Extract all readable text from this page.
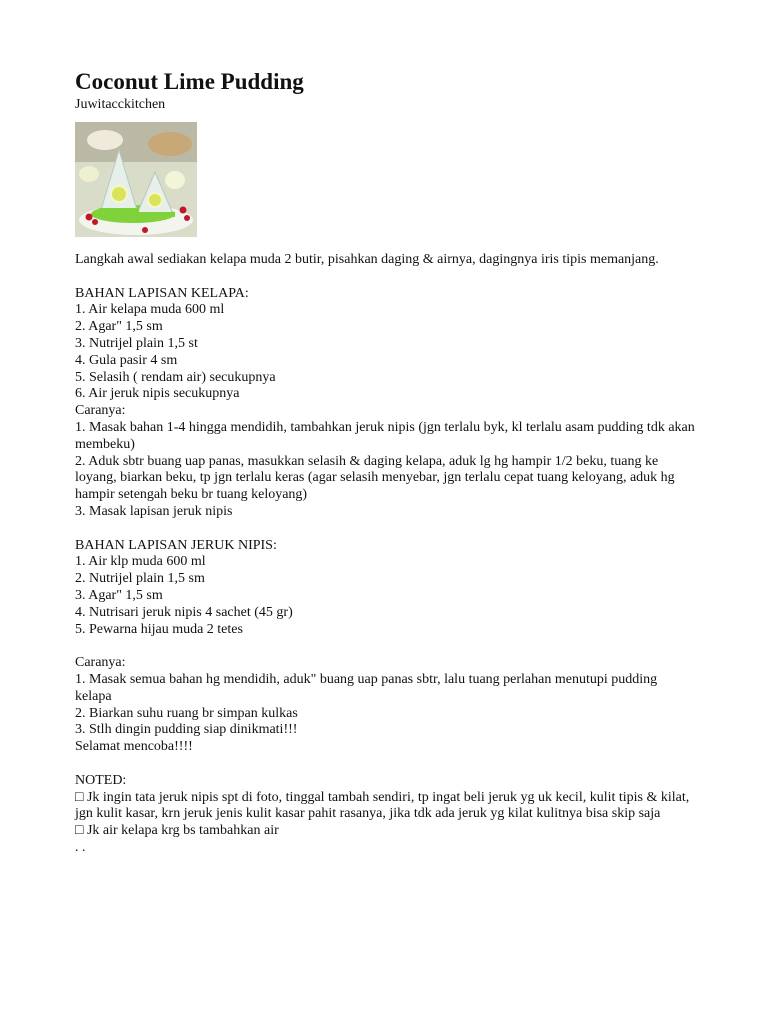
Coconut Lime Pudding

Juwitacckitchen

Langkah awal sediakan kelapa muda 2 butir, pisahkan daging & airnya, dagingnya iris tipis memanjang.

BAHAN LAPISAN KELAPA:

1. Air kelapa muda 600 ml

2. Agar" 1,5 sm

3. Nutrijel plain 1,5 st

4. Gula pasir 4 sm

5. Selasih ( rendam air) secukupnya

6. Air jeruk nipis secukupnya

Caranya:

1. Masak bahan 1-4 hingga mendidih, tambahkan jeruk nipis (jgn terlalu byk, kl terlalu asam pudding tdk akan membeku)

2. Aduk sbtr buang uap panas, masukkan selasih & daging kelapa, aduk lg hg hampir 1/2 beku, tuang ke loyang, biarkan beku, tp jgn terlalu keras (agar selasih menyebar, jgn terlalu cepat tuang keloyang, aduk hg hampir setengah beku br tuang keloyang)

3. Masak lapisan jeruk nipis

BAHAN LAPISAN JERUK NIPIS:

1. Air klp muda 600 ml

2. Nutrijel plain 1,5 sm

3. Agar" 1,5 sm

4. Nutrisari jeruk nipis 4 sachet (45 gr)

5. Pewarna hijau muda 2 tetes

Caranya:

1. Masak semua bahan hg mendidih, aduk" buang uap panas sbtr, lalu tuang perlahan menutupi pudding kelapa

2. Biarkan suhu ruang br simpan kulkas

3. Stlh dingin pudding siap dinikmati!!!

Selamat mencoba!!!!

NOTED:

□ Jk ingin tata jeruk nipis spt di foto, tinggal tambah sendiri, tp ingat beli jeruk yg uk kecil, kulit tipis & kilat, jgn kulit kasar, krn jeruk jenis kulit kasar pahit rasanya, jika tdk ada jeruk yg kilat kulitnya bisa skip saja

□ Jk air kelapa krg bs tambahkan air

. .
